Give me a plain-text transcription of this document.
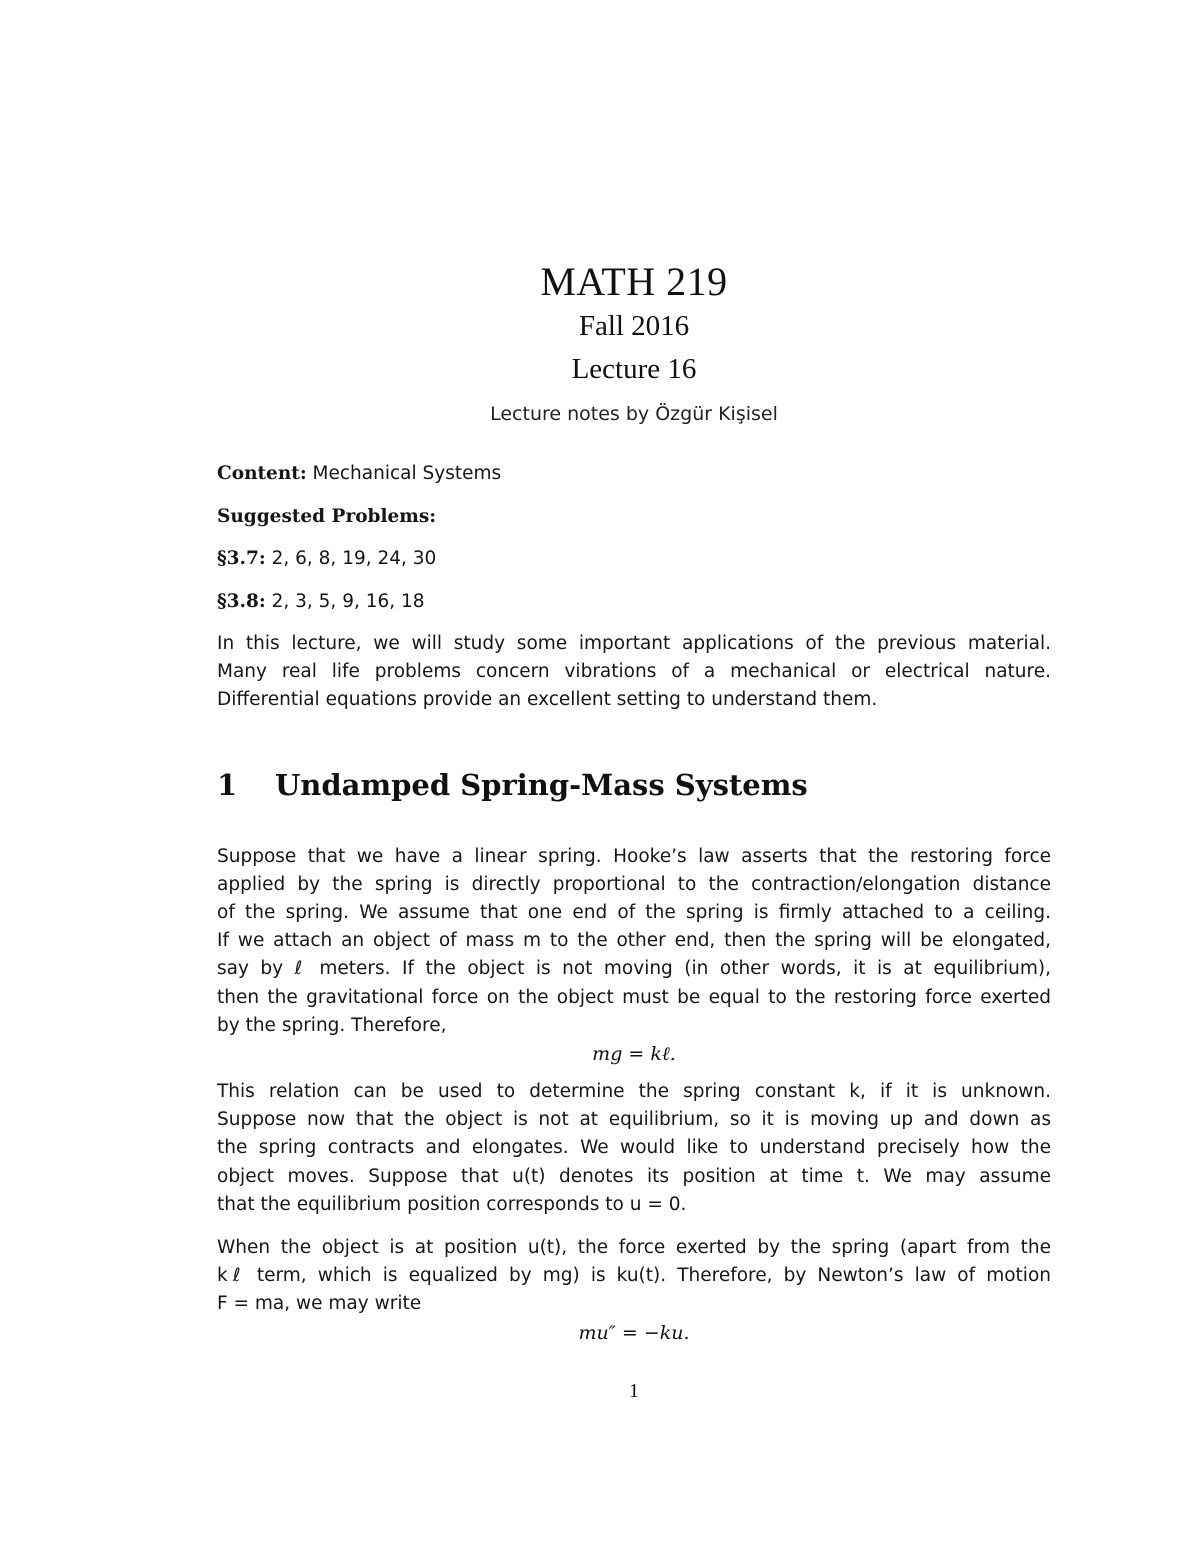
MATH 219
Fall 2016
Lecture 16
Lecture notes by Özgür Kişisel
Content: Mechanical Systems
Suggested Problems:
§3.7: 2, 6, 8, 19, 24, 30
§3.8: 2, 3, 5, 9, 16, 18
In this lecture, we will study some important applications of the previous material.
Many real life problems concern vibrations of a mechanical or electrical nature.
Differential equations provide an excellent setting to understand them.
1 Undamped Spring-Mass Systems
Suppose that we have a linear spring. Hooke’s law asserts that the restoring force
applied by the spring is directly proportional to the contraction/elongation distance
of the spring. We assume that one end of the spring is firmly attached to a ceiling.
If we attach an object of mass m to the other end, then the spring will be elongated,
say by ℓ meters. If the object is not moving (in other words, it is at equilibrium),
then the gravitational force on the object must be equal to the restoring force exerted
by the spring. Therefore,
mg = kℓ.
This relation can be used to determine the spring constant k, if it is unknown.
Suppose now that the object is not at equilibrium, so it is moving up and down as
the spring contracts and elongates. We would like to understand precisely how the
object moves. Suppose that u(t) denotes its position at time t. We may assume
that the equilibrium position corresponds to u = 0.
When the object is at position u(t), the force exerted by the spring (apart from the
kℓ term, which is equalized by mg) is ku(t). Therefore, by Newton’s law of motion
F = ma, we may write
mu″ = −ku.
1
